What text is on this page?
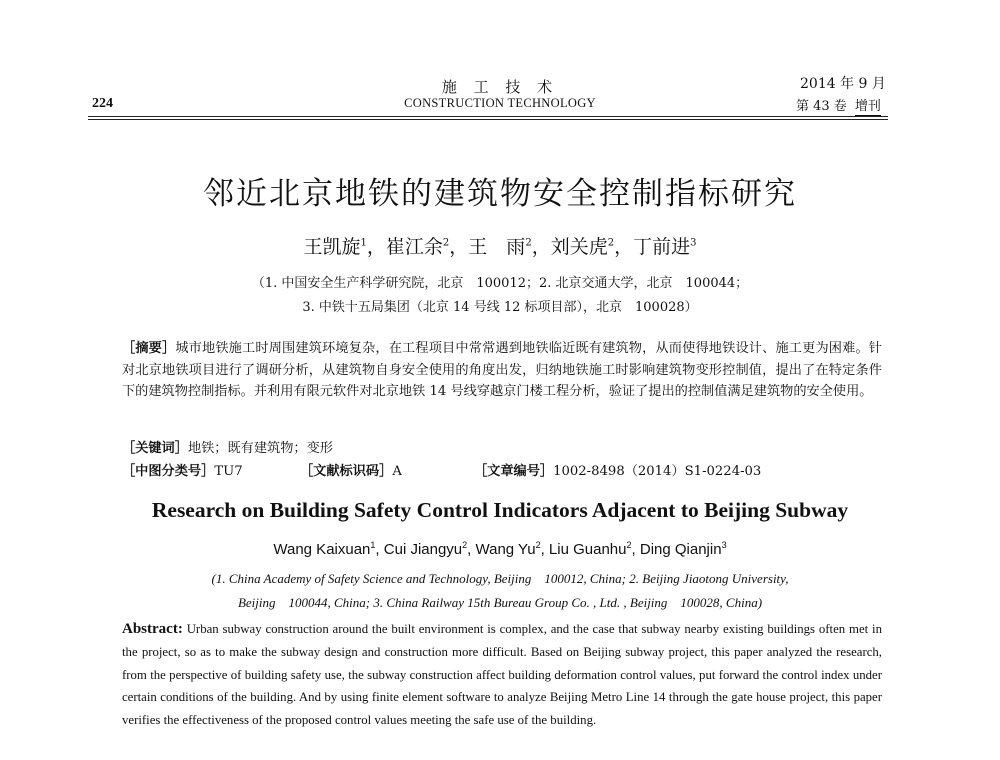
施 工 技 术
CONSTRUCTION TECHNOLOGY
224
2014 年 9 月
第 43 卷 增刊
邻近北京地铁的建筑物安全控制指标研究
王凯旋$^1$，崔江余$^2$，王　雨$^2$，刘关虎$^2$，丁前进$^3$
（1. 中国安全生产科学研究院，北京　100012；2. 北京交通大学，北京　100044；
3. 中铁十五局集团（北京 14 号线 12 标项目部），北京　100028）
［摘要］城市地铁施工时周围建筑环境复杂，在工程项目中常常遇到地铁临近既有建筑物，从而使得地铁设计、施工更为困难。针对北京地铁项目进行了调研分析，从建筑物自身安全使用的角度出发，归纳地铁施工时影响建筑物变形控制值，提出了在特定条件下的建筑物控制指标。并利用有限元软件对北京地铁 14 号线穿越京门楼工程分析，验证了提出的控制值满足建筑物的安全使用。
［关键词］地铁；既有建筑物；变形
［中图分类号］TU7	［文献标识码］A	［文章编号］1002-8498（2014）S1-0224-03
Research on Building Safety Control Indicators Adjacent to Beijing Subway
Wang Kaixuan$^1$, Cui Jiangyu$^2$, Wang Yu$^2$, Liu Guanhu$^2$, Ding Qianjin$^3$
(1. China Academy of Safety Science and Technology, Beijing　100012, China; 2. Beijing Jiaotong University,
Beijing　100044, China; 3. China Railway 15th Bureau Group Co. , Ltd. , Beijing　100028, China)
Abstract: Urban subway construction around the built environment is complex, and the case that subway nearby existing buildings often met in the project, so as to make the subway design and construction more difficult. Based on Beijing subway project, this paper analyzed the research, from the perspective of building safety use, the subway construction affect building deformation control values, put forward the control index under certain conditions of the building. And by using finite element software to analyze Beijing Metro Line 14 through the gate house project, this paper verifies the effectiveness of the proposed control values meeting the safe use of the building.
